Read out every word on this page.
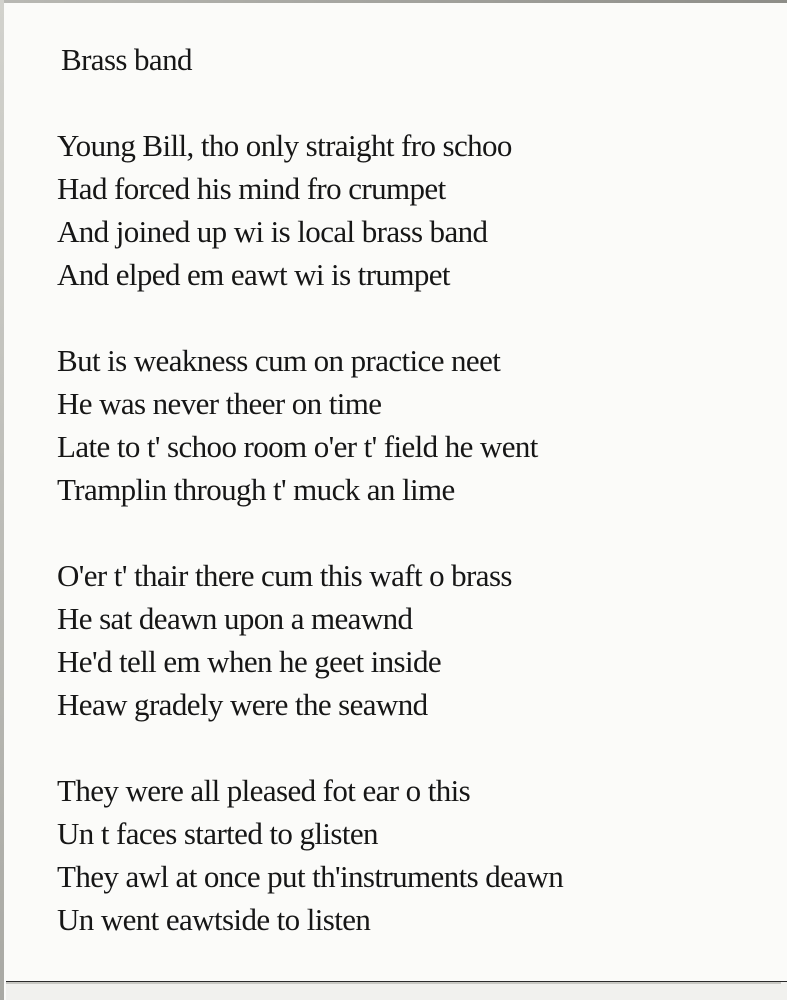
Brass band
Young Bill, tho only straight fro schoo
Had forced his mind fro crumpet
And joined up wi is local brass band
And elped em eawt wi is trumpet
But is weakness cum on practice neet
He was never theer on time
Late to t' schoo room o'er t' field he went
Tramplin through t' muck an lime
O'er t' thair there cum this waft o brass
He sat deawn upon a meawnd
He'd tell em when he geet inside
Heaw gradely were the seawnd
They were all pleased fot ear o this
Un t faces started to glisten
They awl at once put th'instruments deawn
Un went eawtside to listen
